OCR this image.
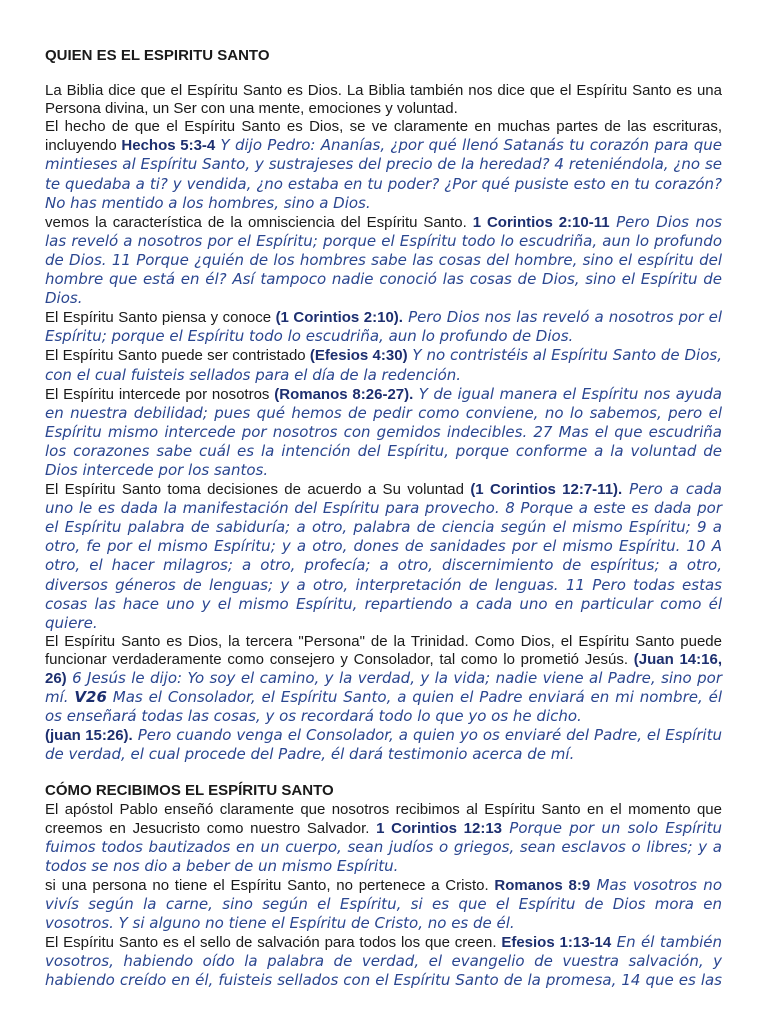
QUIEN ES EL ESPIRITU SANTO

La Biblia dice que el Espíritu Santo es Dios. La Biblia también nos dice que el Espíritu Santo es una Persona divina, un Ser con una mente, emociones y voluntad.

El hecho de que el Espíritu Santo es Dios, se ve claramente en muchas partes de las escrituras, incluyendo Hechos 5:3-4 Y dijo Pedro: Ananías, ¿por qué llenó Satanás tu corazón para que mintieses al Espíritu Santo, y sustrajeses del precio de la heredad? 4 reteniéndola, ¿no se te quedaba a ti? y vendida, ¿no estaba en tu poder? ¿Por qué pusiste esto en tu corazón? No has mentido a los hombres, sino a Dios.

vemos la característica de la omnisciencia del Espíritu Santo. 1 Corintios 2:10-11 Pero Dios nos las reveló a nosotros por el Espíritu; porque el Espíritu todo lo escudriña, aun lo profundo de Dios. 11 Porque ¿quién de los hombres sabe las cosas del hombre, sino el espíritu del hombre que está en él? Así tampoco nadie conoció las cosas de Dios, sino el Espíritu de Dios.

El Espíritu Santo piensa y conoce (1 Corintios 2:10). Pero Dios nos las reveló a nosotros por el Espíritu; porque el Espíritu todo lo escudriña, aun lo profundo de Dios.

El Espíritu Santo puede ser contristado (Efesios 4:30) Y no contristéis al Espíritu Santo de Dios, con el cual fuisteis sellados para el día de la redención.

El Espíritu intercede por nosotros (Romanos 8:26-27). Y de igual manera el Espíritu nos ayuda en nuestra debilidad; pues qué hemos de pedir como conviene, no lo sabemos, pero el Espíritu mismo intercede por nosotros con gemidos indecibles. 27 Mas el que escudriña los corazones sabe cuál es la intención del Espíritu, porque conforme a la voluntad de Dios intercede por los santos.

El Espíritu Santo toma decisiones de acuerdo a Su voluntad (1 Corintios 12:7-11). Pero a cada uno le es dada la manifestación del Espíritu para provecho. 8 Porque a este es dada por el Espíritu palabra de sabiduría; a otro, palabra de ciencia según el mismo Espíritu; 9 a otro, fe por el mismo Espíritu; y a otro, dones de sanidades por el mismo Espíritu. 10 A otro, el hacer milagros; a otro, profecía; a otro, discernimiento de espíritus; a otro, diversos géneros de lenguas; y a otro, interpretación de lenguas. 11 Pero todas estas cosas las hace uno y el mismo Espíritu, repartiendo a cada uno en particular como él quiere.

El Espíritu Santo es Dios, la tercera "Persona" de la Trinidad. Como Dios, el Espíritu Santo puede funcionar verdaderamente como consejero y Consolador, tal como lo prometió Jesús. (Juan 14:16, 26) 6 Jesús le dijo: Yo soy el camino, y la verdad, y la vida; nadie viene al Padre, sino por mí. V26 Mas el Consolador, el Espíritu Santo, a quien el Padre enviará en mi nombre, él os enseñará todas las cosas, y os recordará todo lo que yo os he dicho.

(juan 15:26). Pero cuando venga el Consolador, a quien yo os enviaré del Padre, el Espíritu de verdad, el cual procede del Padre, él dará testimonio acerca de mí.

CÓMO RECIBIMOS EL ESPÍRITU SANTO

El apóstol Pablo enseñó claramente que nosotros recibimos al Espíritu Santo en el momento que creemos en Jesucristo como nuestro Salvador. 1 Corintios 12:13 Porque por un solo Espíritu fuimos todos bautizados en un cuerpo, sean judíos o griegos, sean esclavos o libres; y a todos se nos dio a beber de un mismo Espíritu.

si una persona no tiene el Espíritu Santo, no pertenece a Cristo. Romanos 8:9 Mas vosotros no vivís según la carne, sino según el Espíritu, si es que el Espíritu de Dios mora en vosotros. Y si alguno no tiene el Espíritu de Cristo, no es de él.

El Espíritu Santo es el sello de salvación para todos los que creen. Efesios 1:13-14 En él también vosotros, habiendo oído la palabra de verdad, el evangelio de vuestra salvación, y habiendo creído en él, fuisteis sellados con el Espíritu Santo de la promesa, 14 que es las
